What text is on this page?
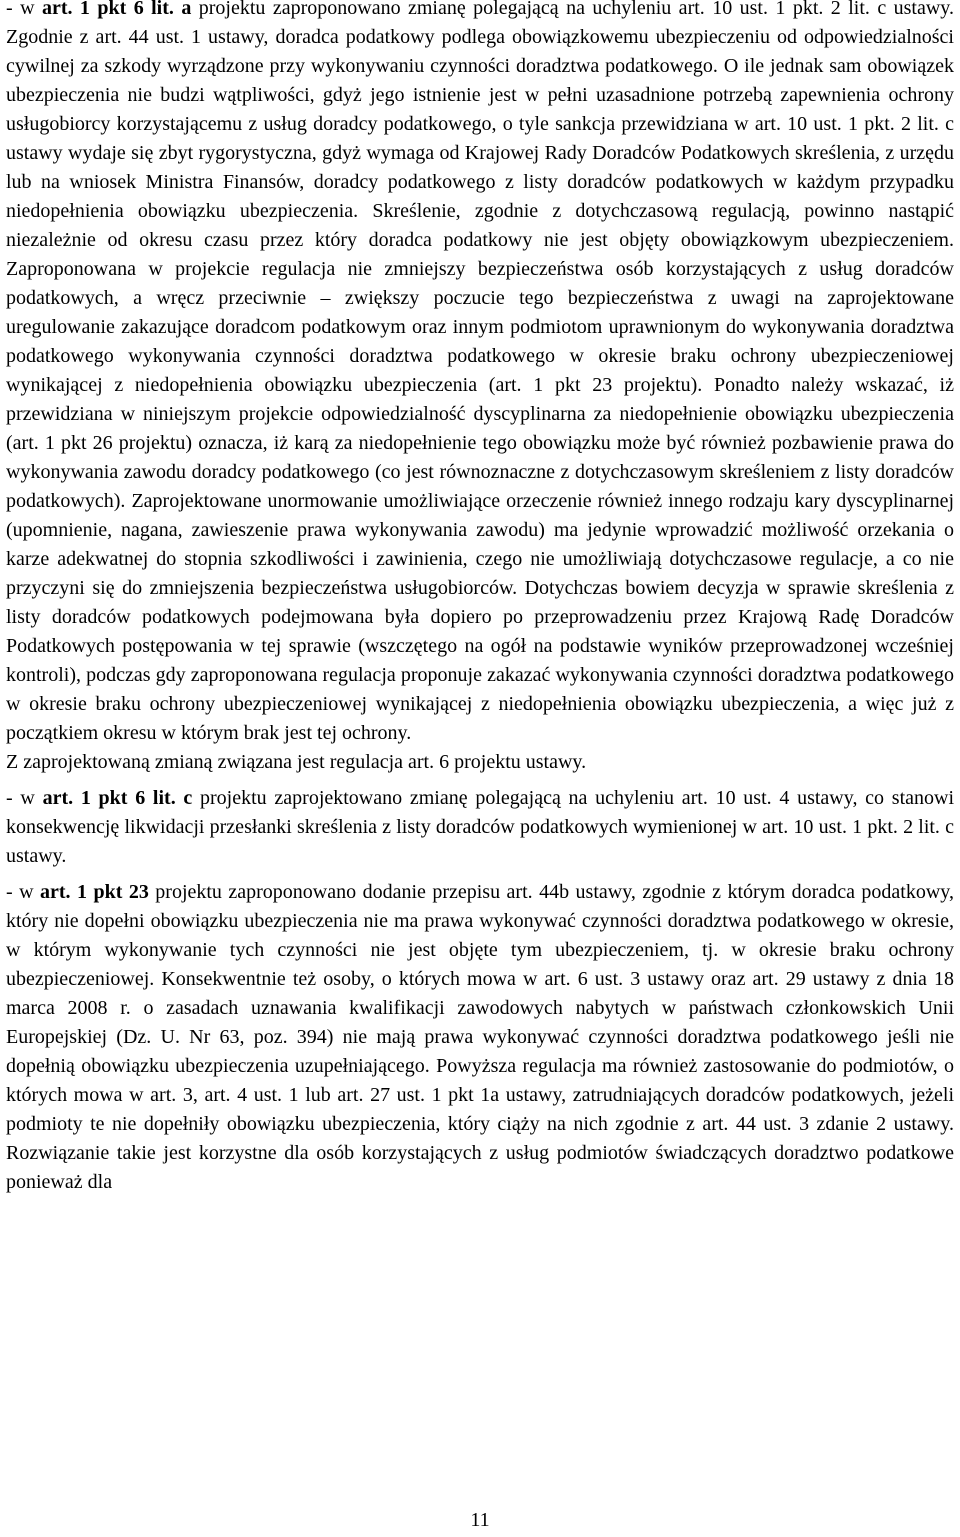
- w art. 1 pkt 6 lit. a projektu zaproponowano zmianę polegającą na uchyleniu art. 10 ust. 1 pkt. 2 lit. c ustawy. Zgodnie z art. 44 ust. 1 ustawy, doradca podatkowy podlega obowiązkowemu ubezpieczeniu od odpowiedzialności cywilnej za szkody wyrządzone przy wykonywaniu czynności doradztwa podatkowego. O ile jednak sam obowiązek ubezpieczenia nie budzi wątpliwości, gdyż jego istnienie jest w pełni uzasadnione potrzebą zapewnienia ochrony usługobiorcy korzystającemu z usług doradcy podatkowego, o tyle sankcja przewidziana w art. 10 ust. 1 pkt. 2 lit. c ustawy wydaje się zbyt rygorystyczna, gdyż wymaga od Krajowej Rady Doradców Podatkowych skreślenia, z urzędu lub na wniosek Ministra Finansów, doradcy podatkowego z listy doradców podatkowych w każdym przypadku niedopełnienia obowiązku ubezpieczenia. Skreślenie, zgodnie z dotychczasową regulacją, powinno nastąpić niezależnie od okresu czasu przez który doradca podatkowy nie jest objęty obowiązkowym ubezpieczeniem. Zaproponowana w projekcie regulacja nie zmniejszy bezpieczeństwa osób korzystających z usług doradców podatkowych, a wręcz przeciwnie – zwiększy poczucie tego bezpieczeństwa z uwagi na zaprojektowane uregulowanie zakazujące doradcom podatkowym oraz innym podmiotom uprawnionym do wykonywania doradztwa podatkowego wykonywania czynności doradztwa podatkowego w okresie braku ochrony ubezpieczeniowej wynikającej z niedopełnienia obowiązku ubezpieczenia (art. 1 pkt 23 projektu). Ponadto należy wskazać, iż przewidziana w niniejszym projekcie odpowiedzialność dyscyplinarna za niedopełnienie obowiązku ubezpieczenia (art. 1 pkt 26 projektu) oznacza, iż karą za niedopełnienie tego obowiązku może być również pozbawienie prawa do wykonywania zawodu doradcy podatkowego (co jest równoznaczne z dotychczasowym skreśleniem z listy doradców podatkowych). Zaprojektowane unormowanie umożliwiające orzeczenie również innego rodzaju kary dyscyplinarnej (upomnienie, nagana, zawieszenie prawa wykonywania zawodu) ma jedynie wprowadzić możliwość orzekania o karze adekwatnej do stopnia szkodliwości i zawinienia, czego nie umożliwiają dotychczasowe regulacje, a co nie przyczyni się do zmniejszenia bezpieczeństwa usługobiorców. Dotychczas bowiem decyzja w sprawie skreślenia z listy doradców podatkowych podejmowana była dopiero po przeprowadzeniu przez Krajową Radę Doradców Podatkowych postępowania w tej sprawie (wszczętego na ogół na podstawie wyników przeprowadzonej wcześniej kontroli), podczas gdy zaproponowana regulacja proponuje zakazać wykonywania czynności doradztwa podatkowego w okresie braku ochrony ubezpieczeniowej wynikającej z niedopełnienia obowiązku ubezpieczenia, a więc już z początkiem okresu w którym brak jest tej ochrony.

Z zaprojektowaną zmianą związana jest regulacja art. 6 projektu ustawy.

- w art. 1 pkt 6 lit. c projektu zaprojektowano zmianę polegającą na uchyleniu art. 10 ust. 4 ustawy, co stanowi konsekwencję likwidacji przesłanki skreślenia z listy doradców podatkowych wymienionej w art. 10 ust. 1 pkt. 2 lit. c ustawy.

- w art. 1 pkt 23 projektu zaproponowano dodanie przepisu art. 44b ustawy, zgodnie z którym doradca podatkowy, który nie dopełni obowiązku ubezpieczenia nie ma prawa wykonywać czynności doradztwa podatkowego w okresie, w którym wykonywanie tych czynności nie jest objęte tym ubezpieczeniem, tj. w okresie braku ochrony ubezpieczeniowej. Konsekwentnie też osoby, o których mowa w art. 6 ust. 3 ustawy oraz art. 29 ustawy z dnia 18 marca 2008 r. o zasadach uznawania kwalifikacji zawodowych nabytych w państwach członkowskich Unii Europejskiej (Dz. U. Nr 63, poz. 394) nie mają prawa wykonywać czynności doradztwa podatkowego jeśli nie dopełnią obowiązku ubezpieczenia uzupełniającego. Powyższa regulacja ma również zastosowanie do podmiotów, o których mowa w art. 3, art. 4 ust. 1 lub art. 27 ust. 1 pkt 1a ustawy, zatrudniających doradców podatkowych, jeżeli podmioty te nie dopełniły obowiązku ubezpieczenia, który ciąży na nich zgodnie z art. 44 ust. 3 zdanie 2 ustawy. Rozwiązanie takie jest korzystne dla osób korzystających z usług podmiotów świadczących doradztwo podatkowe ponieważ dla

11
